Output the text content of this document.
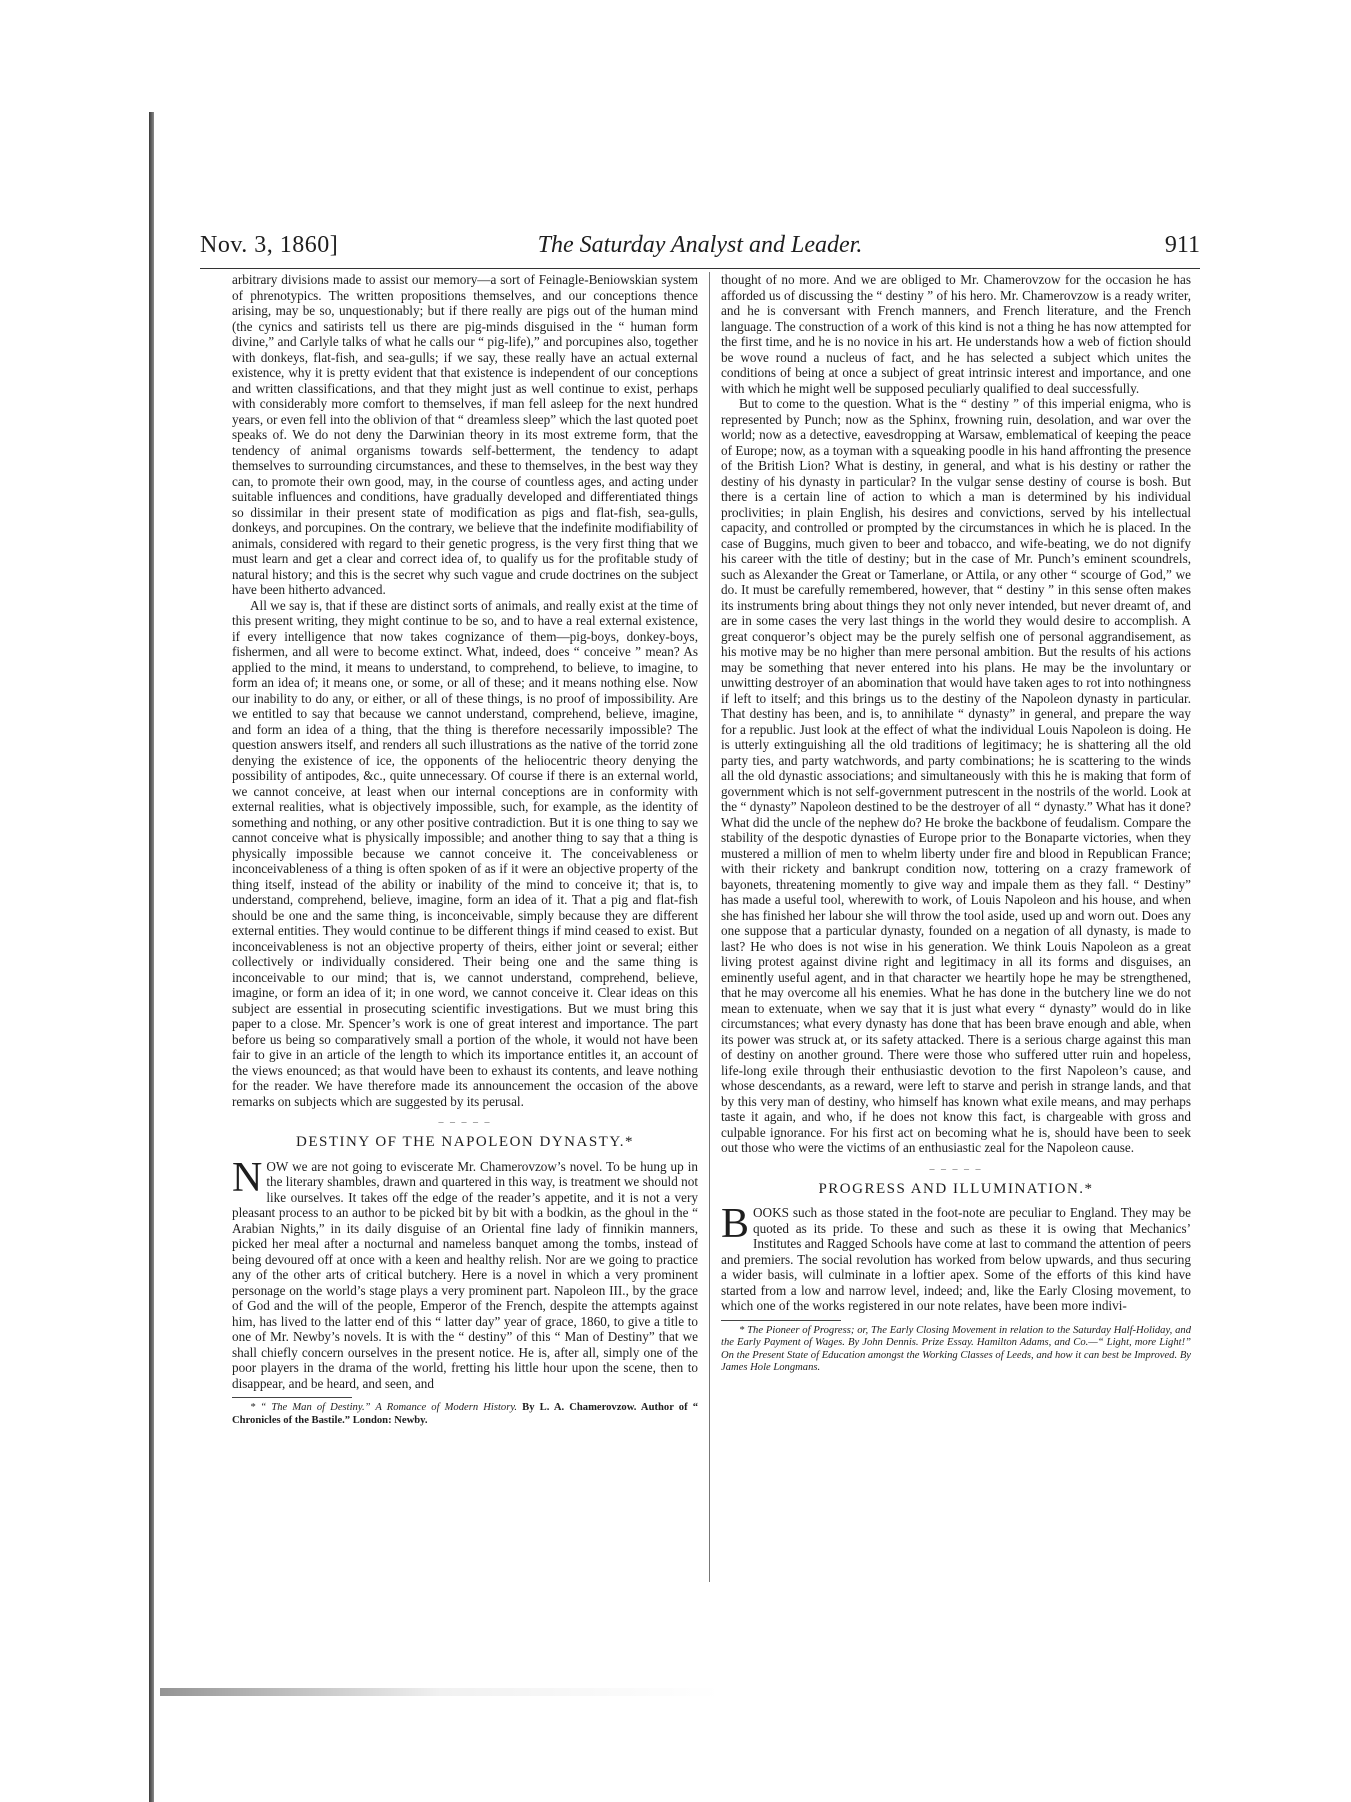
The Saturday Analyst and Leader.
Nov. 3, 1860]	911

arbitrary divisions made to assist our memory—a sort of Feinagle-Beniowskian system of phrenotypics. The written propositions themselves, and our conceptions thence arising, may be so, unquestionably; but if there really are pigs out of the human mind (the cynics and satirists tell us there are pig-minds disguised in the “ human form divine,” and Carlyle talks of what he calls our “ pig-life),” and porcupines also, together with donkeys, flat-fish, and sea-gulls; if we say, these really have an actual external existence, why it is pretty evident that that existence is independent of our conceptions and written classifications, and that they might just as well continue to exist, perhaps with considerably more comfort to themselves, if man fell asleep for the next hundred years, or even fell into the oblivion of that “ dreamless sleep” which the last quoted poet speaks of. We do not deny the Darwinian theory in its most extreme form, that the tendency of animal organisms towards self-betterment, the tendency to adapt themselves to surrounding circumstances, and these to themselves, in the best way they can, to promote their own good, may, in the course of countless ages, and acting under suitable influences and conditions, have gradually developed and differentiated things so dissimilar in their present state of modification as pigs and flat-fish, sea-gulls, donkeys, and porcupines. On the contrary, we believe that the indefinite modifiability of animals, considered with regard to their genetic progress, is the very first thing that we must learn and get a clear and correct idea of, to qualify us for the profitable study of natural history; and this is the secret why such vague and crude doctrines on the subject have been hitherto advanced.

All we say is, that if these are distinct sorts of animals, and really exist at the time of this present writing, they might continue to be so, and to have a real external existence, if every intelligence that now takes cognizance of them—pig-boys, donkey-boys, fishermen, and all were to become extinct. What, indeed, does “ conceive ” mean? As applied to the mind, it means to understand, to comprehend, to believe, to imagine, to form an idea of; it means one, or some, or all of these; and it means nothing else. Now our inability to do any, or either, or all of these things, is no proof of impossibility. Are we entitled to say that because we cannot understand, comprehend, believe, imagine, and form an idea of a thing, that the thing is therefore necessarily impossible? The question answers itself, and renders all such illustrations as the native of the torrid zone denying the existence of ice, the opponents of the heliocentric theory denying the possibility of antipodes, &c., quite unnecessary. Of course if there is an external world, we cannot conceive, at least when our internal conceptions are in conformity with external realities, what is objectively impossible, such, for example, as the identity of something and nothing, or any other positive contradiction. But it is one thing to say we cannot conceive what is physically impossible; and another thing to say that a thing is physically impossible because we cannot conceive it. The conceivableness or inconceivableness of a thing is often spoken of as if it were an objective property of the thing itself, instead of the ability or inability of the mind to conceive it; that is, to understand, comprehend, believe, imagine, form an idea of it. That a pig and flat-fish should be one and the same thing, is inconceivable, simply because they are different external entities. They would continue to be different things if mind ceased to exist. But inconceivableness is not an objective property of theirs, either joint or several; either collectively or individually considered. Their being one and the same thing is inconceivable to our mind; that is, we cannot understand, comprehend, believe, imagine, or form an idea of it; in one word, we cannot conceive it. Clear ideas on this subject are essential in prosecuting scientific investigations. But we must bring this paper to a close. Mr. Spencer’s work is one of great interest and importance. The part before us being so comparatively small a portion of the whole, it would not have been fair to give in an article of the length to which its importance entitles it, an account of the views enounced; as that would have been to exhaust its contents, and leave nothing for the reader. We have therefore made its announcement the occasion of the above remarks on subjects which are suggested by its perusal.

– – – – –
DESTINY OF THE NAPOLEON DYNASTY.*

NOW we are not going to eviscerate Mr. Chamerovzow’s novel. To be hung up in the literary shambles, drawn and quartered in this way, is treatment we should not like ourselves. It takes off the edge of the reader’s appetite, and it is not a very pleasant process to an author to be picked bit by bit with a bodkin, as the ghoul in the “ Arabian Nights,” in its daily disguise of an Oriental fine lady of finnikin manners, picked her meal after a nocturnal and nameless banquet among the tombs, instead of being devoured off at once with a keen and healthy relish. Nor are we going to practice any of the other arts of critical butchery. Here is a novel in which a very prominent personage on the world’s stage plays a very prominent part. Napoleon III., by the grace of God and the will of the people, Emperor of the French, despite the attempts against him, has lived to the latter end of this “ latter day” year of grace, 1860, to give a title to one of Mr. Newby’s novels. It is with the “ destiny” of this “ Man of Destiny” that we shall chiefly concern ourselves in the present notice. He is, after all, simply one of the poor players in the drama of the world, fretting his little hour upon the scene, then to disappear, and be heard, and seen, and

* “ The Man of Destiny.” A Romance of Modern History. By L. A. Chamerovzow. Author of “ Chronicles of the Bastile.” London: Newby.

thought of no more. And we are obliged to Mr. Chamerovzow for the occasion he has afforded us of discussing the “ destiny ” of his hero. Mr. Chamerovzow is a ready writer, and he is conversant with French manners, and French literature, and the French language. The construction of a work of this kind is not a thing he has now attempted for the first time, and he is no novice in his art. He understands how a web of fiction should be wove round a nucleus of fact, and he has selected a subject which unites the conditions of being at once a subject of great intrinsic interest and importance, and one with which he might well be supposed peculiarly qualified to deal successfully.

But to come to the question. What is the “ destiny ” of this imperial enigma, who is represented by Punch; now as the Sphinx, frowning ruin, desolation, and war over the world; now as a detective, eavesdropping at Warsaw, emblematical of keeping the peace of Europe; now, as a toyman with a squeaking poodle in his hand affronting the presence of the British Lion? What is destiny, in general, and what is his destiny or rather the destiny of his dynasty in particular? In the vulgar sense destiny of course is bosh. But there is a certain line of action to which a man is determined by his individual proclivities; in plain English, his desires and convictions, served by his intellectual capacity, and controlled or prompted by the circumstances in which he is placed. In the case of Buggins, much given to beer and tobacco, and wife-beating, we do not dignify his career with the title of destiny; but in the case of Mr. Punch’s eminent scoundrels, such as Alexander the Great or Tamerlane, or Attila, or any other “ scourge of God,” we do. It must be carefully remembered, however, that “ destiny ” in this sense often makes its instruments bring about things they not only never intended, but never dreamt of, and are in some cases the very last things in the world they would desire to accomplish. A great conqueror’s object may be the purely selfish one of personal aggrandisement, as his motive may be no higher than mere personal ambition. But the results of his actions may be something that never entered into his plans. He may be the involuntary or unwitting destroyer of an abomination that would have taken ages to rot into nothingness if left to itself; and this brings us to the destiny of the Napoleon dynasty in particular. That destiny has been, and is, to annihilate “ dynasty” in general, and prepare the way for a republic. Just look at the effect of what the individual Louis Napoleon is doing. He is utterly extinguishing all the old traditions of legitimacy; he is shattering all the old party ties, and party watchwords, and party combinations; he is scattering to the winds all the old dynastic associations; and simultaneously with this he is making that form of government which is not self-government putrescent in the nostrils of the world. Look at the “ dynasty” Napoleon destined to be the destroyer of all “ dynasty.” What has it done? What did the uncle of the nephew do? He broke the backbone of feudalism. Compare the stability of the despotic dynasties of Europe prior to the Bonaparte victories, when they mustered a million of men to whelm liberty under fire and blood in Republican France; with their rickety and bankrupt condition now, tottering on a crazy framework of bayonets, threatening momently to give way and impale them as they fall. “ Destiny” has made a useful tool, wherewith to work, of Louis Napoleon and his house, and when she has finished her labour she will throw the tool aside, used up and worn out. Does any one suppose that a particular dynasty, founded on a negation of all dynasty, is made to last? He who does is not wise in his generation. We think Louis Napoleon as a great living protest against divine right and legitimacy in all its forms and disguises, an eminently useful agent, and in that character we heartily hope he may be strengthened, that he may overcome all his enemies. What he has done in the butchery line we do not mean to extenuate, when we say that it is just what every “ dynasty” would do in like circumstances; what every dynasty has done that has been brave enough and able, when its power was struck at, or its safety attacked. There is a serious charge against this man of destiny on another ground. There were those who suffered utter ruin and hopeless, life-long exile through their enthusiastic devotion to the first Napoleon’s cause, and whose descendants, as a reward, were left to starve and perish in strange lands, and that by this very man of destiny, who himself has known what exile means, and may perhaps taste it again, and who, if he does not know this fact, is chargeable with gross and culpable ignorance. For his first act on becoming what he is, should have been to seek out those who were the victims of an enthusiastic zeal for the Napoleon cause.

– – – – –
PROGRESS AND ILLUMINATION.*

BOOKS such as those stated in the foot-note are peculiar to England. They may be quoted as its pride. To these and such as these it is owing that Mechanics’ Institutes and Ragged Schools have come at last to command the attention of peers and premiers. The social revolution has worked from below upwards, and thus securing a wider basis, will culminate in a loftier apex. Some of the efforts of this kind have started from a low and narrow level, indeed; and, like the Early Closing movement, to which one of the works registered in our note relates, have been more indivi-

* The Pioneer of Progress; or, The Early Closing Movement in relation to the Saturday Half-Holiday, and the Early Payment of Wages. By John Dennis. Prize Essay. Hamilton Adams, and Co.—“ Light, more Light!” On the Present State of Education amongst the Working Classes of Leeds, and how it can best be Improved. By James Hole Longmans.
